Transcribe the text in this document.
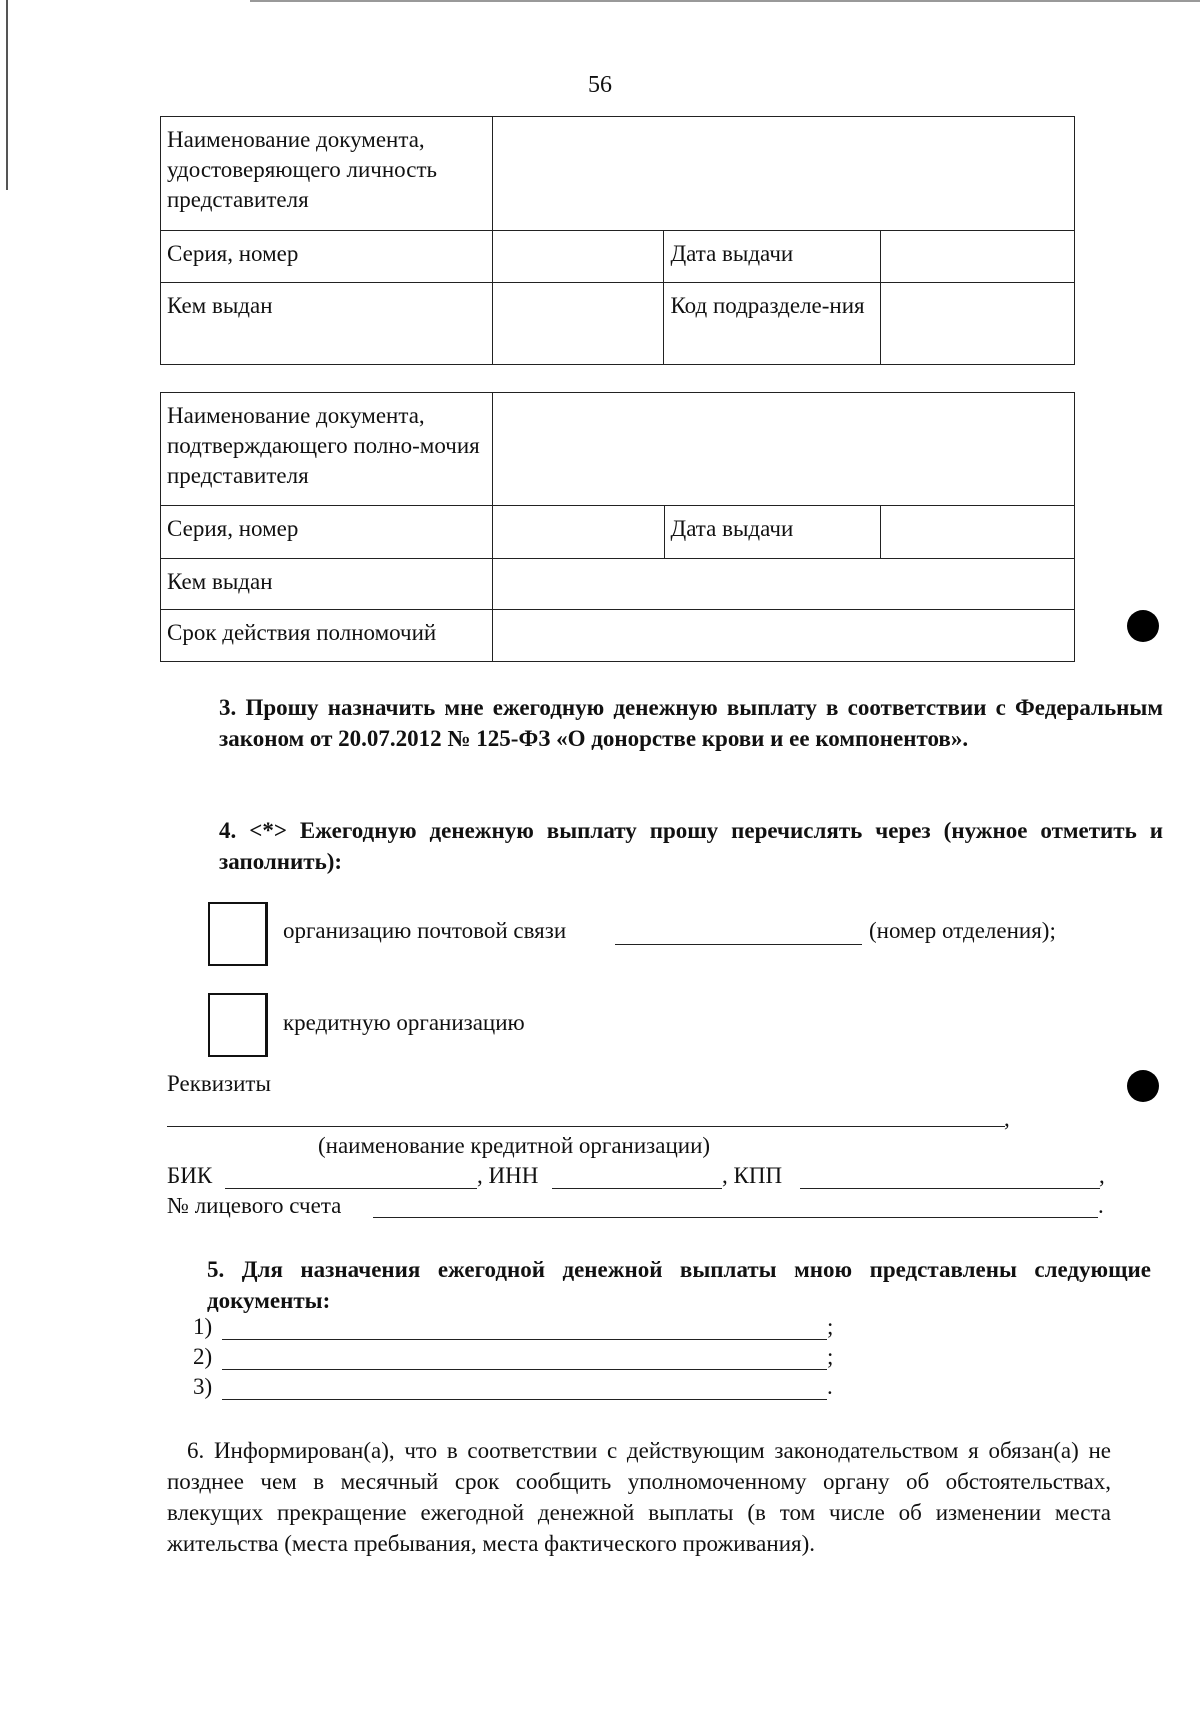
56
Наименование документа, удостоверяющего личность представителя			
Серия, номер		Дата выдачи	
Кем выдан		Код подразделе-ния	
Наименование документа, подтверждающего полно-мочия представителя			
Серия, номер		Дата выдачи	
Кем выдан			
Срок действия полномочий			
3. Прошу назначить мне ежегодную денежную выплату в соответствии с Федеральным законом от 20.07.2012 № 125-ФЗ «О донорстве крови и ее компонентов».
4. <*> Ежегодную денежную выплату прошу перечислять через (нужное отметить и заполнить):
организацию почтовой связи	(номер отделения);
кредитную организацию
Реквизиты
,
(наименование кредитной организации)
БИК	, ИНН	, КПП	,
№ лицевого счета	.
5. Для назначения ежегодной денежной выплаты мною представлены следующие документы:
1)	;
2)	;
3)	.
6. Информирован(а), что в соответствии с действующим законодательством я обязан(а) не позднее чем в месячный срок сообщить уполномоченному органу об обстоятельствах, влекущих прекращение ежегодной денежной выплаты (в том числе об изменении места жительства (места пребывания, места фактического проживания).
